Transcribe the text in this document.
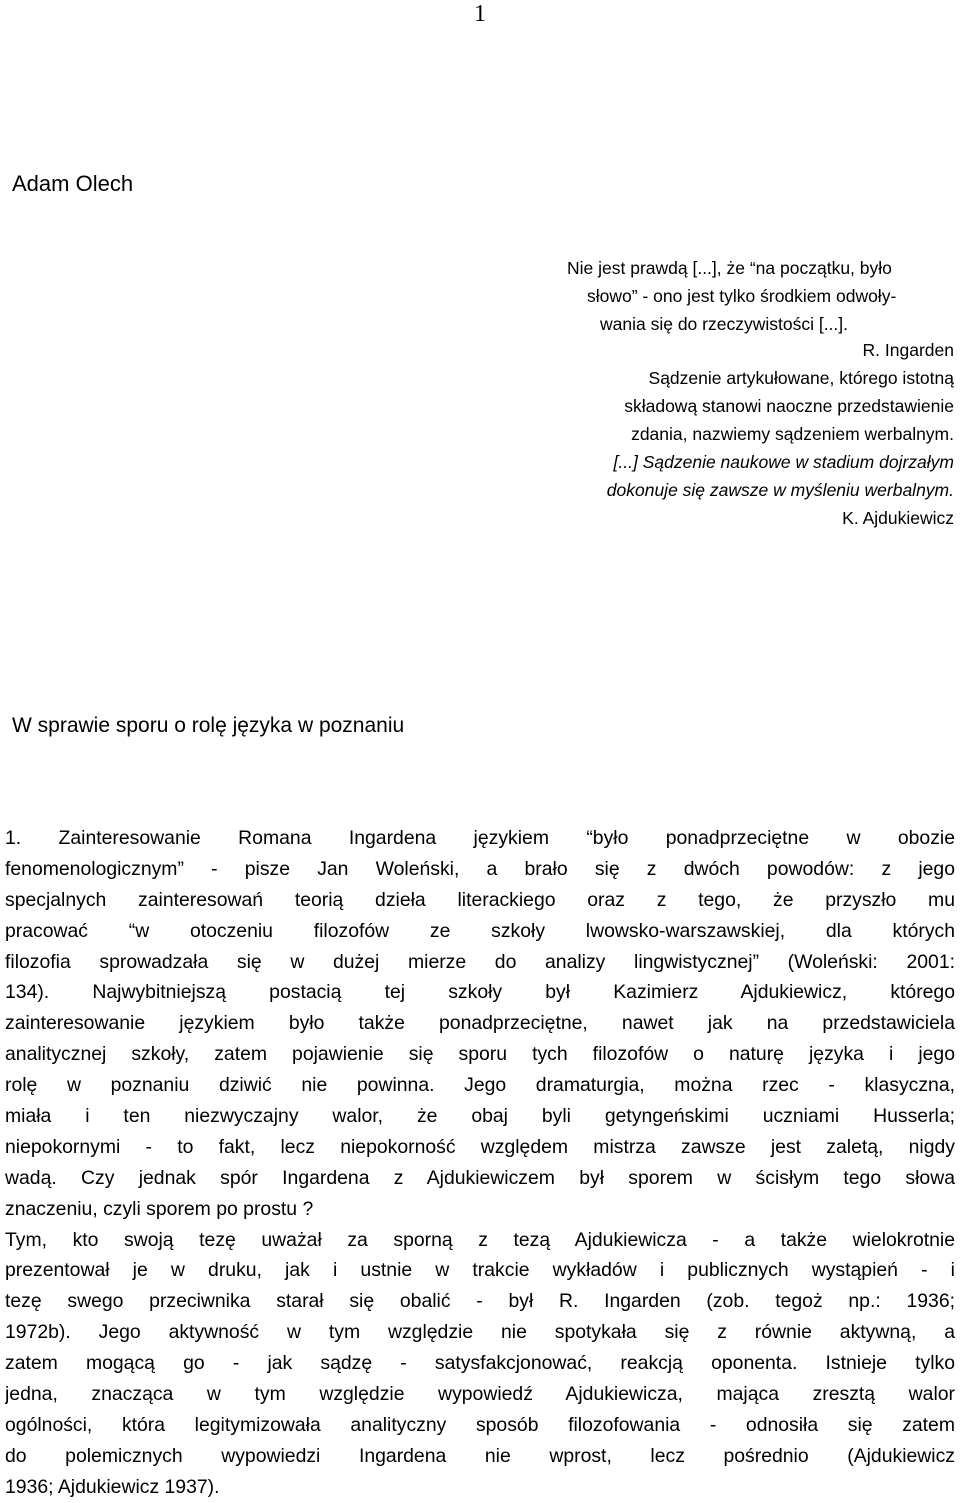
1
Adam Olech
Nie jest prawdą [...], że “na początku, było
słowo” - ono jest tylko środkiem odwoły-
wania się do rzeczywistości [...].
R. Ingarden
Sądzenie artykułowane, którego istotną
składową stanowi naoczne przedstawienie
zdania, nazwiemy sądzeniem werbalnym.
[...] Sądzenie naukowe w stadium dojrzałym
dokonuje się zawsze w myśleniu werbalnym.
K. Ajdukiewicz
W sprawie sporu o rolę języka w poznaniu
1. Zainteresowanie Romana Ingardena językiem “było ponadprzeciętne w obozie
fenomenologicznym” - pisze Jan Woleński, a brało się z dwóch powodów: z jego
specjalnych zainteresowań teorią dzieła literackiego oraz z tego, że przyszło mu
pracować “w otoczeniu filozofów ze szkoły lwowsko-warszawskiej, dla których
filozofia sprowadzała się w dużej mierze do analizy lingwistycznej” (Woleński: 2001:
134). Najwybitniejszą postacią tej szkoły był Kazimierz Ajdukiewicz, którego
zainteresowanie językiem było także ponadprzeciętne, nawet jak na przedstawiciela
analitycznej szkoły, zatem pojawienie się sporu tych filozofów o naturę języka i jego
rolę w poznaniu dziwić nie powinna. Jego dramaturgia, można rzec - klasyczna,
miała i ten niezwyczajny walor, że obaj byli getyngeńskimi uczniami Husserla;
niepokornymi - to fakt, lecz niepokorność względem mistrza zawsze jest zaletą, nigdy
wadą. Czy jednak spór Ingardena z Ajdukiewiczem był sporem w ścisłym tego słowa
znaczeniu, czyli sporem po prostu ?
Tym, kto swoją tezę uważał za sporną z tezą Ajdukiewicza - a także wielokrotnie
prezentował je w druku, jak i ustnie w trakcie wykładów i publicznych wystąpień - i
tezę swego przeciwnika starał się obalić - był R. Ingarden (zob. tegoż np.: 1936;
1972b). Jego aktywność w tym względzie nie spotykała się z równie aktywną, a
zatem mogącą go - jak sądzę - satysfakcjonować, reakcją oponenta. Istnieje tylko
jedna, znacząca w tym względzie wypowiedź Ajdukiewicza, mająca zresztą walor
ogólności, która legitymizowała analityczny sposób filozofowania - odnosiła się zatem
do polemicznych wypowiedzi Ingardena nie wprost, lecz pośrednio (Ajdukiewicz
1936; Ajdukiewicz 1937).
